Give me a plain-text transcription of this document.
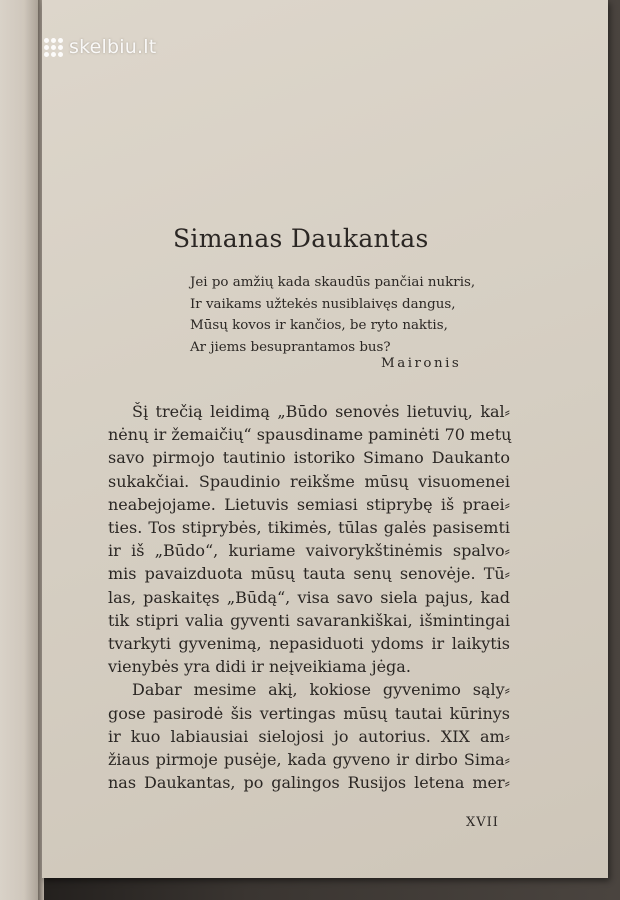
skelbiu.lt
Simanas Daukantas
Jei po amžių kada skaudūs pančiai nukris,
Ir vaikams užtekės nusiblaivęs dangus,
Mūsų kovos ir kančios, be ryto naktis,
Ar jiems besuprantamos bus?
Maironis
Šį trečią leidimą „Būdo senovės lietuvių, kal⸗
nėnų ir žemaičių“ spausdiname paminėti 70 metų
savo pirmojo tautinio istoriko Simano Daukanto
sukakčiai. Spaudinio reikšme mūsų visuomenei
neabejojame. Lietuvis semiasi stiprybę iš praei⸗
ties. Tos stiprybės, tikimės, tūlas galės pasisemti
ir iš „Būdo“, kuriame vaivorykštinėmis spalvo⸗
mis pavaizduota mūsų tauta senų senovėje. Tū⸗
las, paskaitęs „Būdą“, visa savo siela pajus, kad
tik stipri valia gyventi savarankiškai, išmintingai
tvarkyti gyvenimą, nepasiduoti ydoms ir laikytis
vienybės yra didi ir neįveikiama jėga.
Dabar mesime akį, kokiose gyvenimo sąly⸗
gose pasirodė šis vertingas mūsų tautai kūrinys
ir kuo labiausiai sielojosi jo autorius. XIX am⸗
žiaus pirmoje pusėje, kada gyveno ir dirbo Sima⸗
nas Daukantas, po galingos Rusijos letena mer⸗
XVII
